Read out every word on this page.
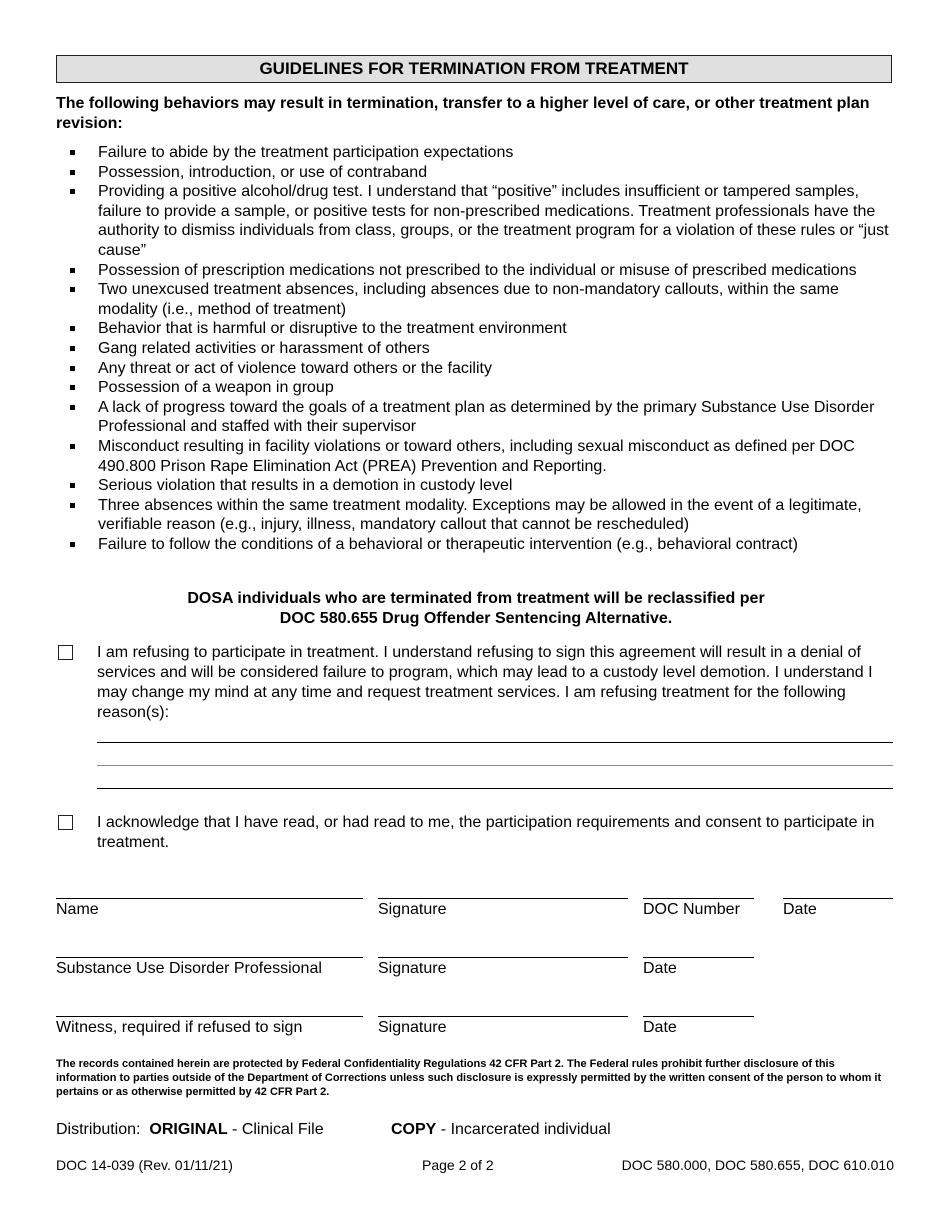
GUIDELINES FOR TERMINATION FROM TREATMENT
The following behaviors may result in termination, transfer to a higher level of care, or other treatment plan revision:
Failure to abide by the treatment participation expectations
Possession, introduction, or use of contraband
Providing a positive alcohol/drug test. I understand that “positive” includes insufficient or tampered samples, failure to provide a sample, or positive tests for non-prescribed medications. Treatment professionals have the authority to dismiss individuals from class, groups, or the treatment program for a violation of these rules or “just cause”
Possession of prescription medications not prescribed to the individual or misuse of prescribed medications
Two unexcused treatment absences, including absences due to non-mandatory callouts, within the same modality (i.e., method of treatment)
Behavior that is harmful or disruptive to the treatment environment
Gang related activities or harassment of others
Any threat or act of violence toward others or the facility
Possession of a weapon in group
A lack of progress toward the goals of a treatment plan as determined by the primary Substance Use Disorder Professional and staffed with their supervisor
Misconduct resulting in facility violations or toward others, including sexual misconduct as defined per DOC 490.800 Prison Rape Elimination Act (PREA) Prevention and Reporting.
Serious violation that results in a demotion in custody level
Three absences within the same treatment modality. Exceptions may be allowed in the event of a legitimate, verifiable reason (e.g., injury, illness, mandatory callout that cannot be rescheduled)
Failure to follow the conditions of a behavioral or therapeutic intervention (e.g., behavioral contract)
DOSA individuals who are terminated from treatment will be reclassified per
DOC 580.655 Drug Offender Sentencing Alternative.
I am refusing to participate in treatment. I understand refusing to sign this agreement will result in a denial of services and will be considered failure to program, which may lead to a custody level demotion. I understand I may change my mind at any time and request treatment services. I am refusing treatment for the following reason(s):
I acknowledge that I have read, or had read to me, the participation requirements and consent to participate in treatment.
Name	Signature	DOC Number	Date
Substance Use Disorder Professional	Signature	Date
Witness, required if refused to sign	Signature	Date
The records contained herein are protected by Federal Confidentiality Regulations 42 CFR Part 2. The Federal rules prohibit further disclosure of this information to parties outside of the Department of Corrections unless such disclosure is expressly permitted by the written consent of the person to whom it pertains or as otherwise permitted by 42 CFR Part 2.
Distribution: ORIGINAL - Clinical File	COPY - Incarcerated individual
DOC 14-039 (Rev. 01/11/21)	Page 2 of 2	DOC 580.000, DOC 580.655, DOC 610.010
